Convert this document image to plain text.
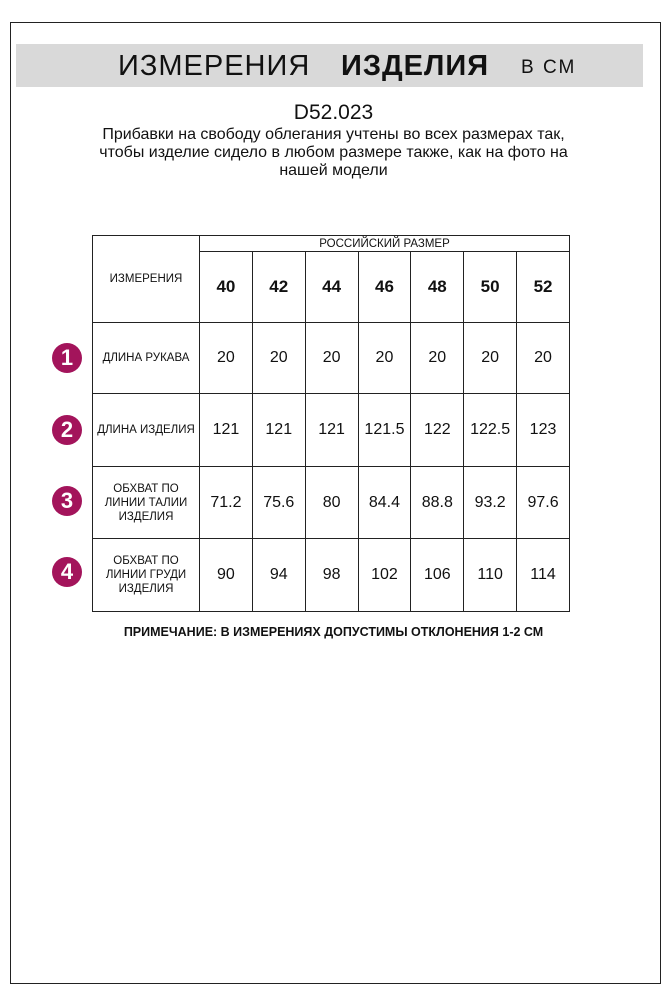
ИЗМЕРЕНИЯ ИЗДЕЛИЯ В СМ
D52.023
Прибавки на свободу облегания учтены во всех размерах так,
чтобы изделие сидело в любом размере также, как на фото на
нашей модели
ИЗМЕРЕНИЯ	РОССИЙСКИЙ РАЗМЕР						
	40	42	44	46	48	50	52
ДЛИНА РУКАВА	20	20	20	20	20	20	20
ДЛИНА ИЗДЕЛИЯ	121	121	121	121.5	122	122.5	123
ОБХВАТ ПО
ЛИНИИ ТАЛИИ
ИЗДЕЛИЯ	71.2	75.6	80	84.4	88.8	93.2	97.6
ОБХВАТ ПО
ЛИНИИ ГРУДИ
ИЗДЕЛИЯ	90	94	98	102	106	110	114
1
2
3
4
ПРИМЕЧАНИЕ: В ИЗМЕРЕНИЯХ ДОПУСТИМЫ ОТКЛОНЕНИЯ 1-2 СМ
